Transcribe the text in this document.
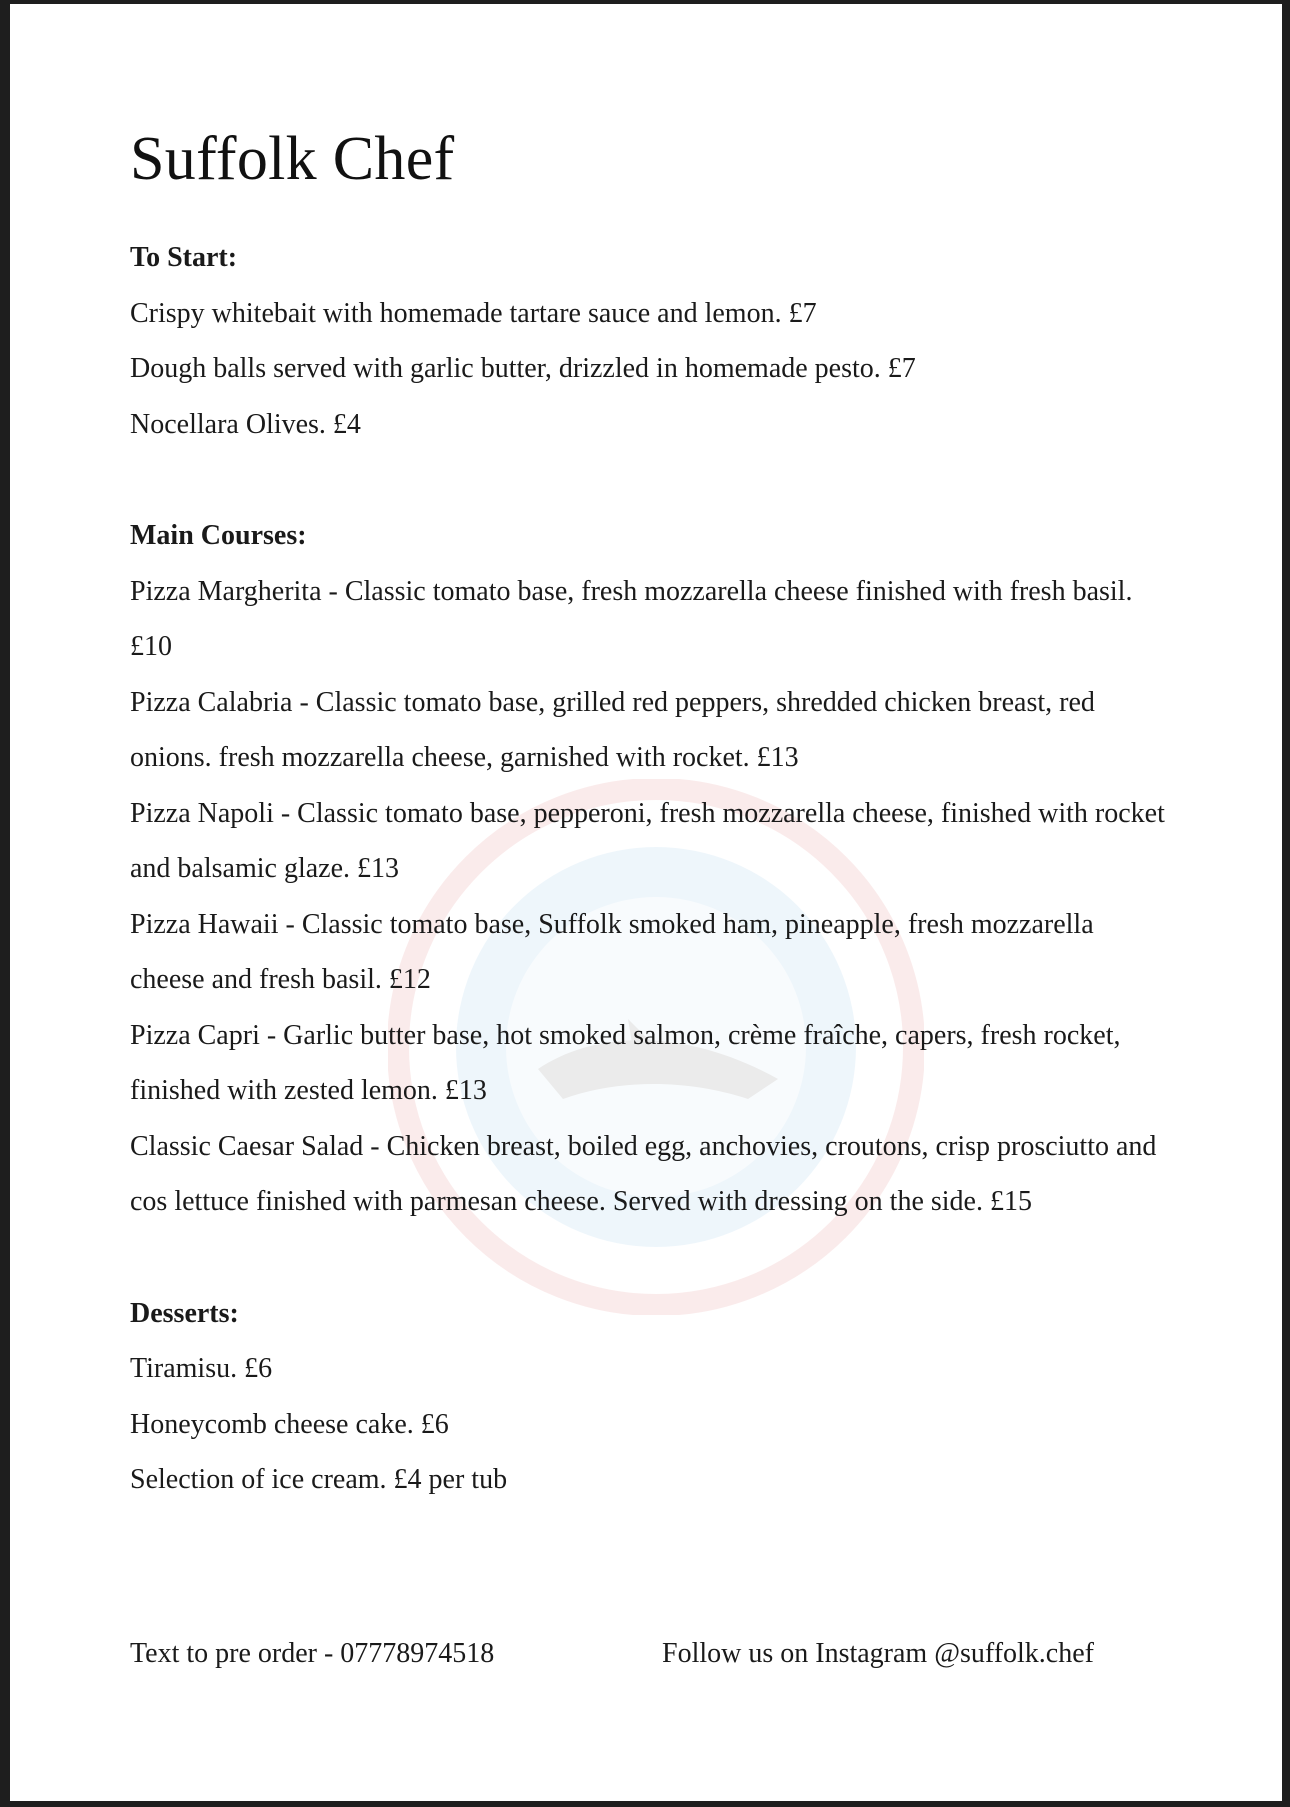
Suffolk Chef
To Start:
Crispy whitebait with homemade tartare sauce and lemon. £7
Dough balls served with garlic butter, drizzled in homemade pesto. £7
Nocellara Olives. £4
Main Courses:
Pizza Margherita - Classic tomato base, fresh mozzarella cheese finished with fresh basil. £10
Pizza Calabria - Classic tomato base, grilled red peppers, shredded chicken breast, red onions. fresh mozzarella cheese, garnished with rocket. £13
Pizza Napoli - Classic tomato base, pepperoni, fresh mozzarella cheese, finished with rocket and balsamic glaze. £13
Pizza Hawaii - Classic tomato base, Suffolk smoked ham, pineapple, fresh mozzarella cheese and fresh basil. £12
Pizza Capri - Garlic butter base, hot smoked salmon, crème fraîche, capers, fresh rocket, finished with zested lemon. £13
Classic Caesar Salad - Chicken breast, boiled egg, anchovies, croutons, crisp prosciutto and cos lettuce finished with parmesan cheese. Served with dressing on the side. £15
Desserts:
Tiramisu. £6
Honeycomb cheese cake. £6
Selection of ice cream. £4 per tub
Text to pre order - 07778974518	Follow us on Instagram @suffolk.chef
